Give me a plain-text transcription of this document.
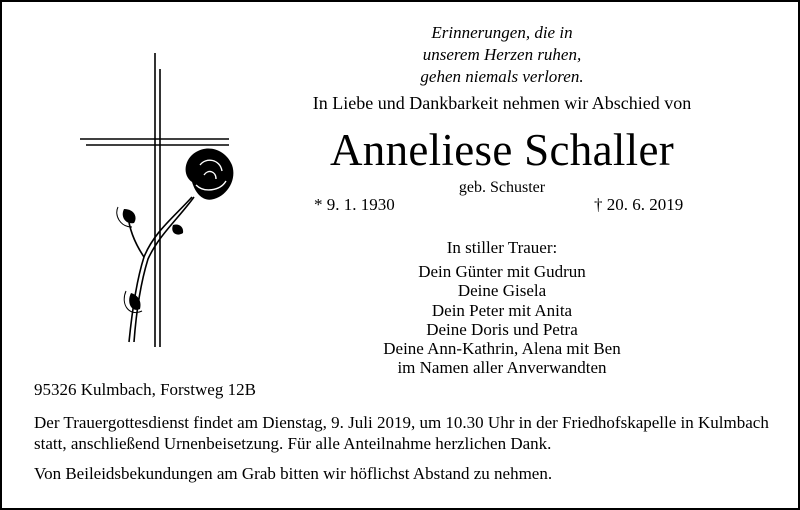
Erinnerungen, die in
unserem Herzen ruhen,
gehen niemals verloren.
In Liebe und Dankbarkeit nehmen wir Abschied von
Anneliese Schaller
geb. Schuster
* 9. 1. 1930	† 20. 6. 2019
In stiller Trauer:
Dein Günter mit Gudrun
Deine Gisela
Dein Peter mit Anita
Deine Doris und Petra
Deine Ann-Kathrin, Alena mit Ben
im Namen aller Anverwandten
95326 Kulmbach, Forstweg 12B
Der Trauergottesdienst findet am Dienstag, 9. Juli 2019, um 10.30 Uhr in der Friedhofskapelle in Kulmbach statt, anschließend Urnenbeisetzung. Für alle Anteilnahme herzlichen Dank.
Von Beileidsbekundungen am Grab bitten wir höflichst Abstand zu nehmen.
